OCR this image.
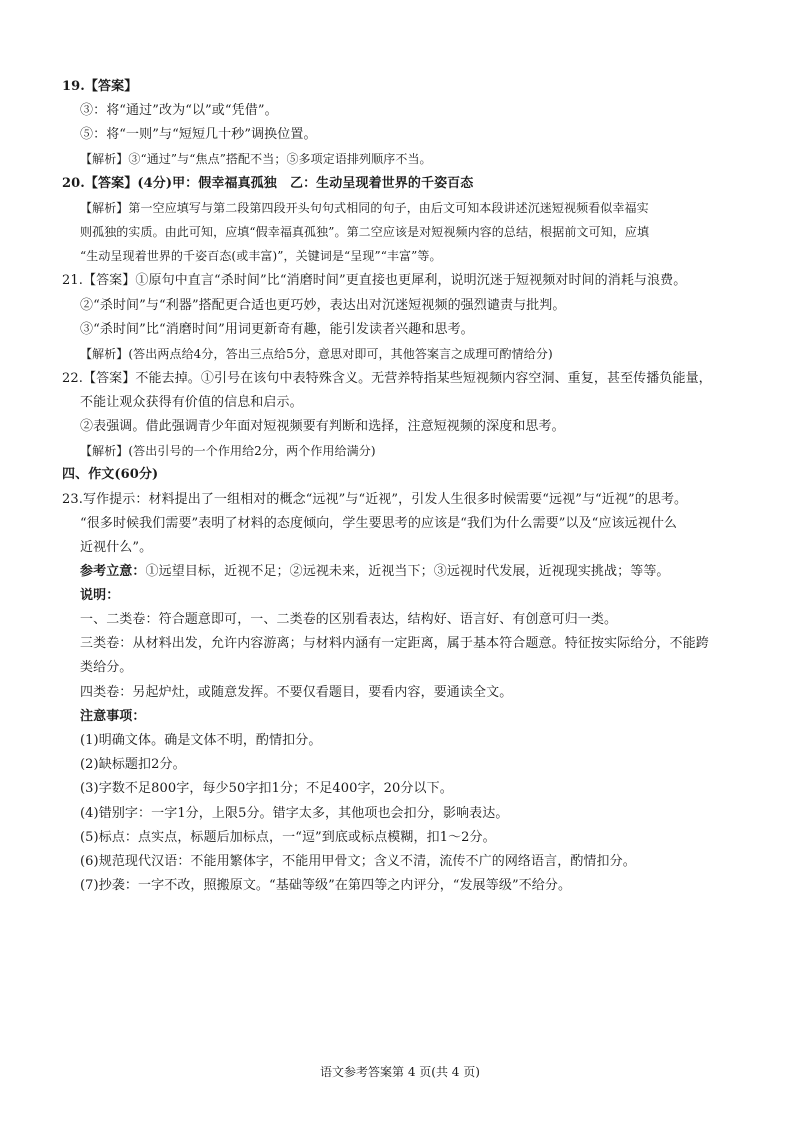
19.【答案】
③：将“通过”改为“以”或“凭借”。
⑤：将“一则”与“短短几十秒”调换位置。
【解析】③“通过”与“焦点”搭配不当；⑤多项定语排列顺序不当。
20.【答案】(4分)甲：假幸福真孤独　乙：生动呈现着世界的千姿百态
【解析】第一空应填写与第二段第四段开头句句式相同的句子，由后文可知本段讲述沉迷短视频看似幸福实
则孤独的实质。由此可知，应填“假幸福真孤独”。第二空应该是对短视频内容的总结，根据前文可知，应填
“生动呈现着世界的千姿百态(或丰富)”，关键词是“呈现”“丰富”等。
21.【答案】①原句中直言“杀时间”比“消磨时间”更直接也更犀利，说明沉迷于短视频对时间的消耗与浪费。
②“杀时间”与“利器”搭配更合适也更巧妙，表达出对沉迷短视频的强烈谴责与批判。
③“杀时间”比“消磨时间”用词更新奇有趣，能引发读者兴趣和思考。
【解析】(答出两点给4分，答出三点给5分，意思对即可，其他答案言之成理可酌情给分)
22.【答案】不能去掉。①引号在该句中表特殊含义。无营养特指某些短视频内容空洞、重复，甚至传播负能量，
不能让观众获得有价值的信息和启示。
②表强调。借此强调青少年面对短视频要有判断和选择，注意短视频的深度和思考。
【解析】(答出引号的一个作用给2分，两个作用给满分)
四、作文(60分)
23.写作提示：材料提出了一组相对的概念“远视”与“近视”，引发人生很多时候需要“远视”与“近视”的思考。
“很多时候我们需要”表明了材料的态度倾向，学生要思考的应该是“我们为什么需要”以及“应该远视什么
近视什么”。
参考立意：①远望目标，近视不足；②远视未来，近视当下；③远视时代发展，近视现实挑战；等等。
说明：
一、二类卷：符合题意即可，一、二类卷的区别看表达，结构好、语言好、有创意可归一类。
三类卷：从材料出发，允许内容游离；与材料内涵有一定距离，属于基本符合题意。特征按实际给分，不能跨
类给分。
四类卷：另起炉灶，或随意发挥。不要仅看题目，要看内容，要通读全文。
注意事项：
(1)明确文体。确是文体不明，酌情扣分。
(2)缺标题扣2分。
(3)字数不足800字，每少50字扣1分；不足400字，20分以下。
(4)错别字：一字1分，上限5分。错字太多，其他项也会扣分，影响表达。
(5)标点：点实点，标题后加标点，一“逗”到底或标点模糊，扣1～2分。
(6)规范现代汉语：不能用繁体字，不能用甲骨文；含义不清，流传不广的网络语言，酌情扣分。
(7)抄袭：一字不改，照搬原文。“基础等级”在第四等之内评分，“发展等级”不给分。
语文参考答案第 4 页(共 4 页)
